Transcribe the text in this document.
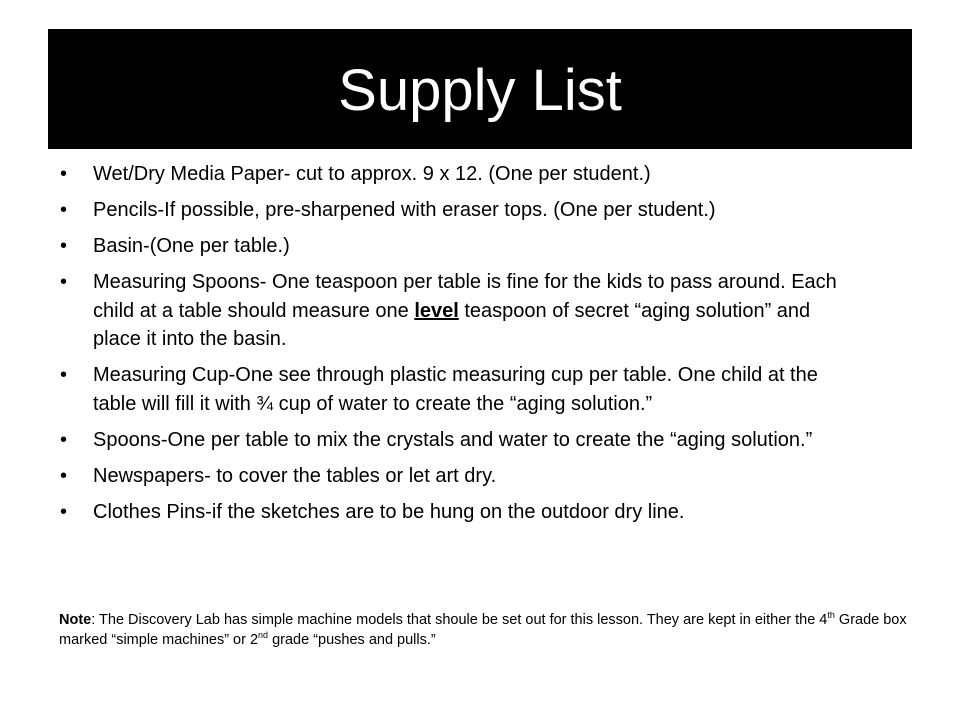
Supply List
• Wet/Dry Media Paper- cut to approx. 9 x 12. (One per student.)
• Pencils-If possible, pre-sharpened with eraser tops. (One per student.)
• Basin-(One per table.)
• Measuring Spoons- One teaspoon per table is fine for the kids to pass around. Each child at a table should measure one level teaspoon of secret “aging solution” and place it into the basin.
• Measuring Cup-One see through plastic measuring cup per table. One child at the table will fill it with ¾ cup of water to create the “aging solution.”
• Spoons-One per table to mix the crystals and water to create the “aging solution.”
• Newspapers- to cover the tables or let art dry.
• Clothes Pins-if the sketches are to be hung on the outdoor dry line.
Note: The Discovery Lab has simple machine models that shoule be set out for this lesson. They are kept in either the 4th Grade box marked “simple machines” or 2nd grade “pushes and pulls.”
